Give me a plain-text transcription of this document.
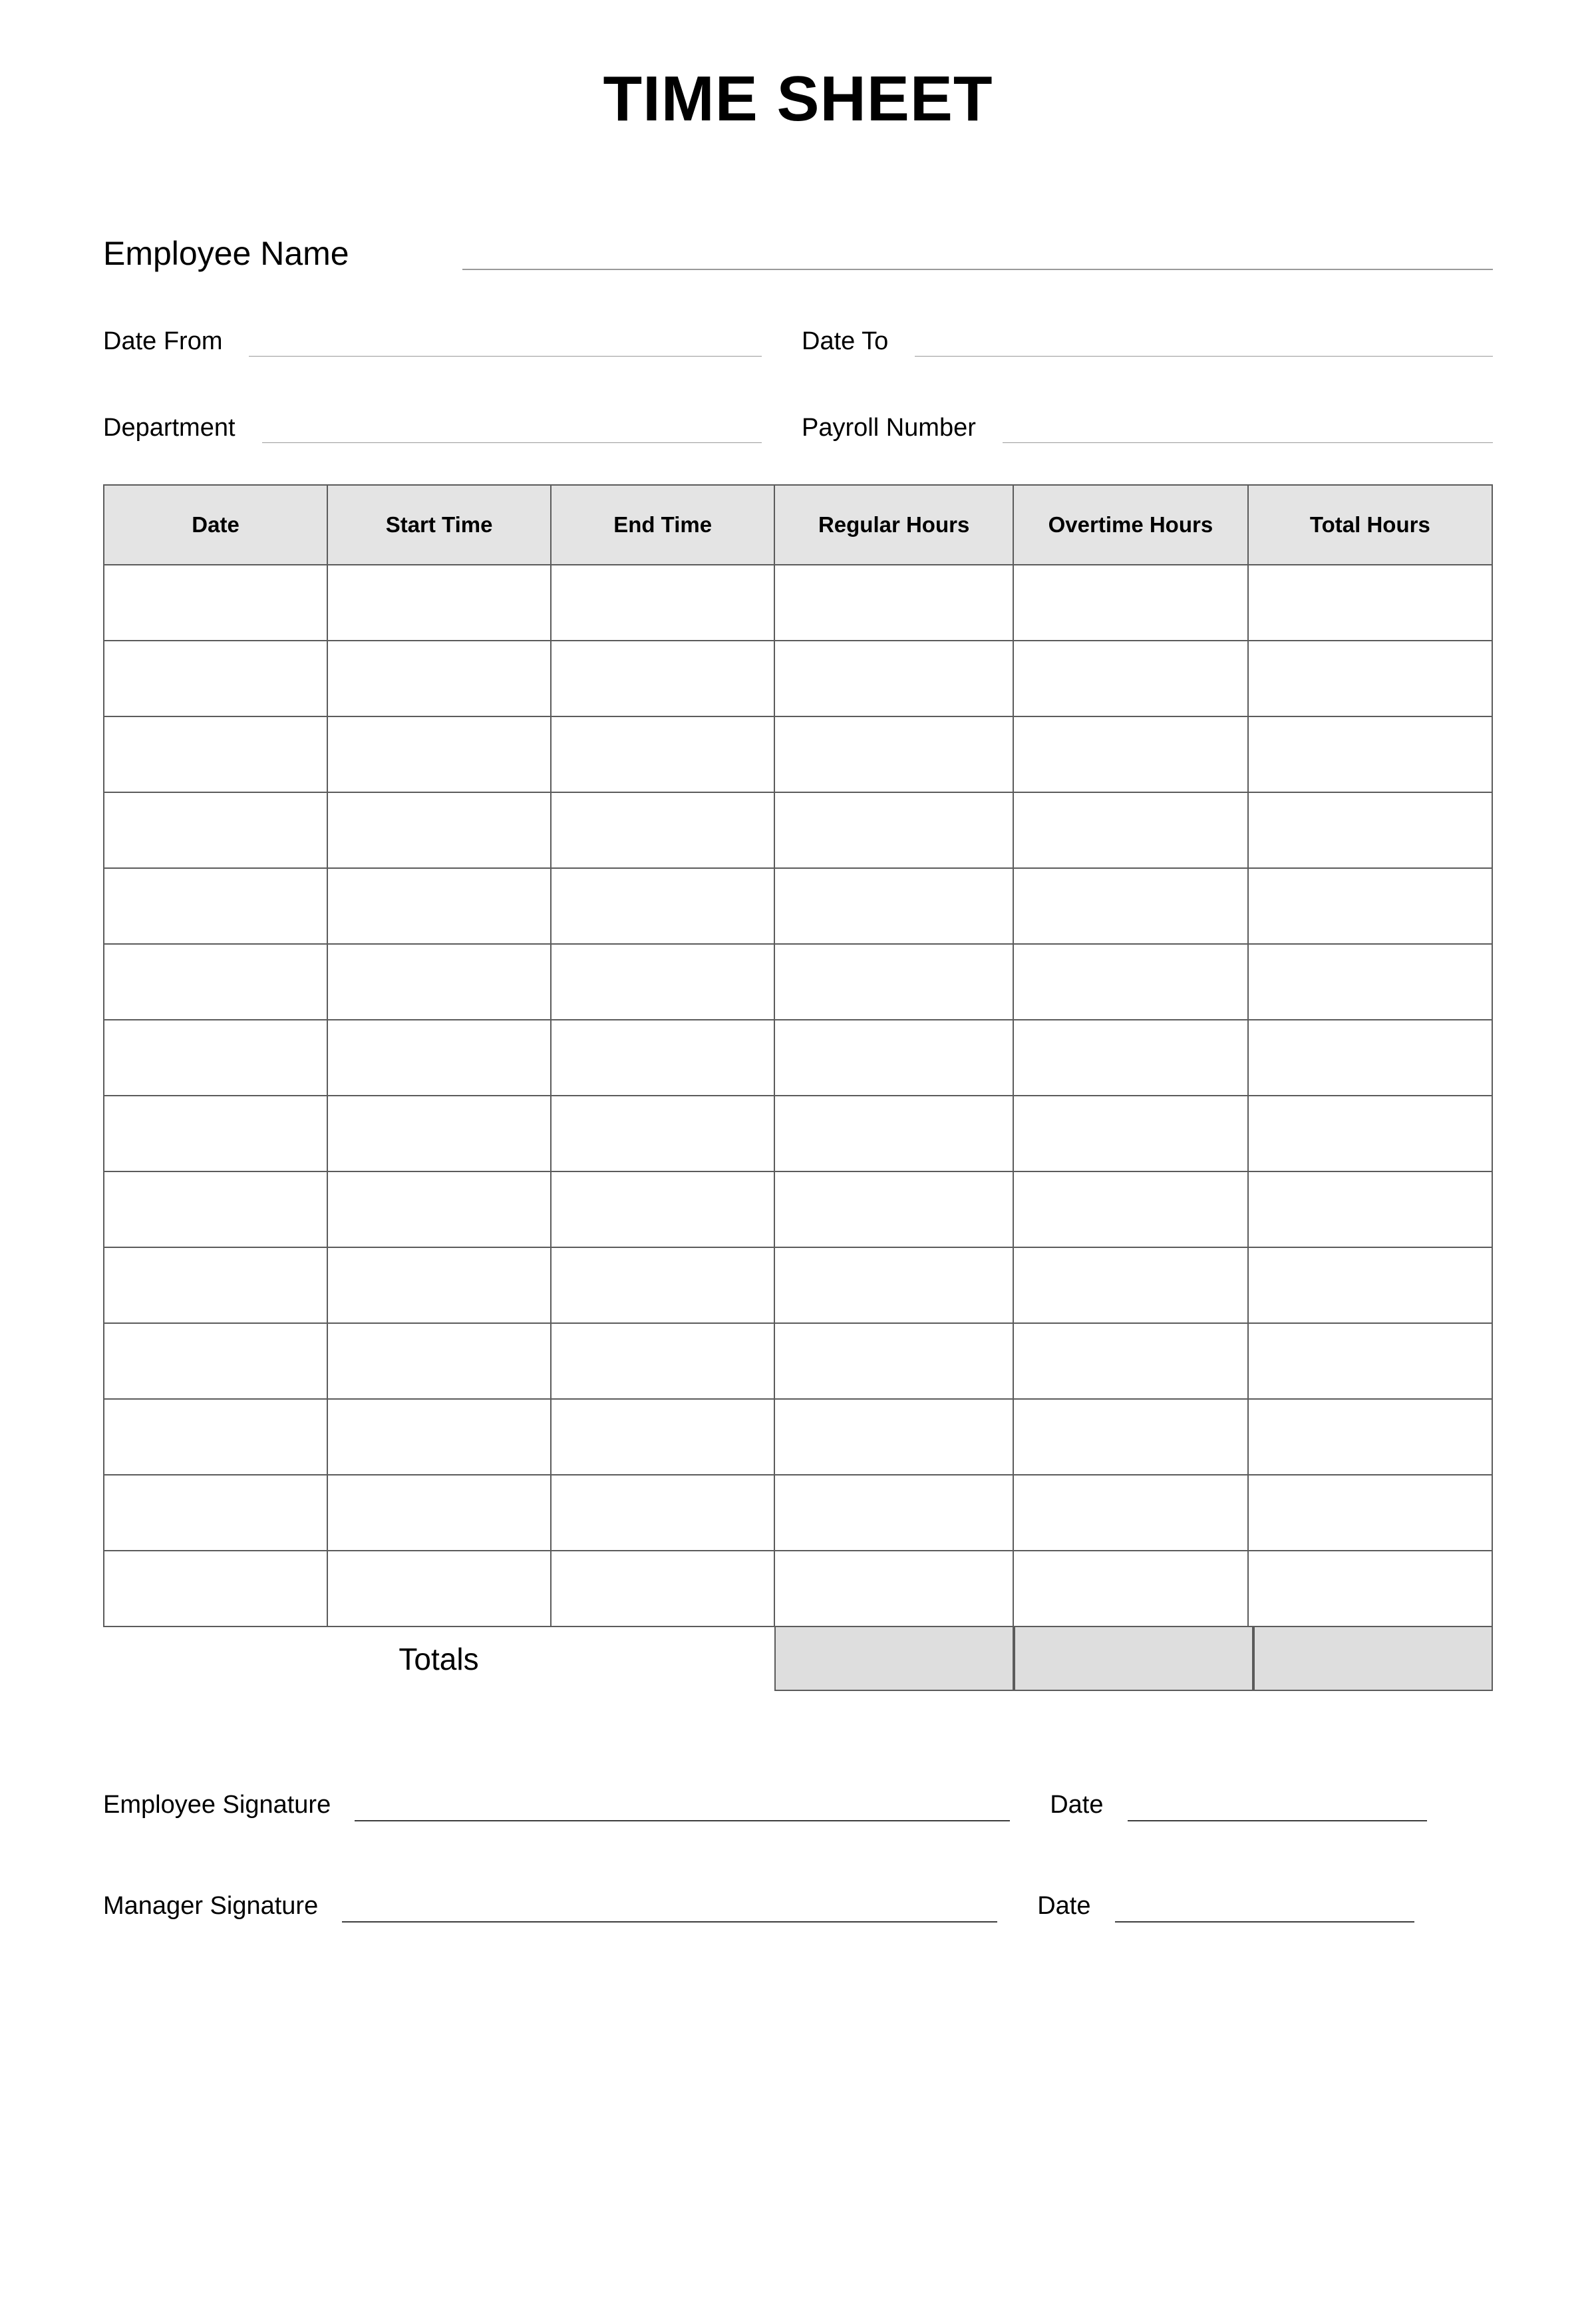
TIME SHEET
Employee Name
Date From	Date To
Department	Payroll Number
Date	Start Time	End Time	Regular Hours	Overtime Hours	Total Hours

Totals
Employee Signature	Date
Manager Signature	Date
